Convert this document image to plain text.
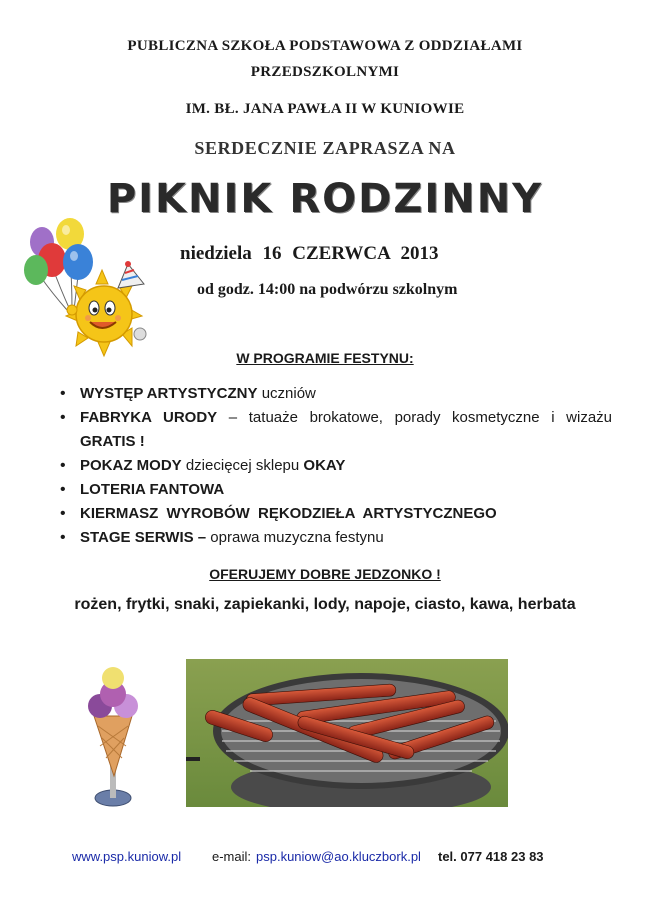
PUBLICZNA SZKOŁA PODSTAWOWA Z ODDZIAŁAMI
PRZEDSZKOLNYMI
IM. BŁ. JANA PAWŁA II W KUNIOWIE
SERDECZNIE ZAPRASZA NA
PIKNIK RODZINNY
niedziela 16 CZERWCA 2013
od godz. 14:00 na podwórzu szkolnym
W PROGRAMIE FESTYNU:
• WYSTĘP ARTYSTYCZNY uczniów
• FABRYKA URODY – tatuaże brokatowe, porady kosmetyczne i wizażu GRATIS !
• POKAZ MODY dziecięcej sklepu OKAY
• LOTERIA FANTOWA
• KIERMASZ WYROBÓW RĘKODZIEŁA ARTYSTYCZNEGO
• STAGE SERWIS – oprawa muzyczna festynu
OFERUJEMY DOBRE JEDZONKO !
rożen, frytki, snaki, zapiekanki, lody, napoje, ciasto, kawa, herbata
www.psp.kuniow.pl e-mail: psp.kuniow@ao.kluczbork.pl tel. 077 418 23 83
